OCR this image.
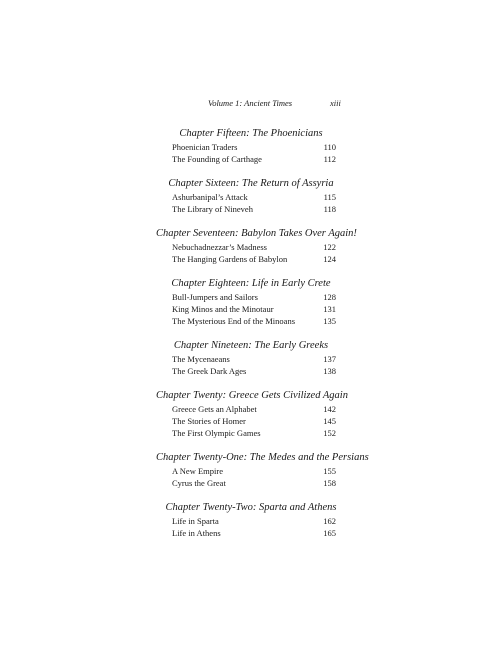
Volume 1: Ancient Times	xiii
Chapter Fifteen: The Phoenicians
Phoenician Traders	110
The Founding of Carthage	112
Chapter Sixteen: The Return of Assyria
Ashurbanipal’s Attack	115
The Library of Nineveh	118
Chapter Seventeen: Babylon Takes Over Again!
Nebuchadnezzar’s Madness	122
The Hanging Gardens of Babylon	124
Chapter Eighteen: Life in Early Crete
Bull-Jumpers and Sailors	128
King Minos and the Minotaur	131
The Mysterious End of the Minoans	135
Chapter Nineteen: The Early Greeks
The Mycenaeans	137
The Greek Dark Ages	138
Chapter Twenty: Greece Gets Civilized Again
Greece Gets an Alphabet	142
The Stories of Homer	145
The First Olympic Games	152
Chapter Twenty-One: The Medes and the Persians
A New Empire	155
Cyrus the Great	158
Chapter Twenty-Two: Sparta and Athens
Life in Sparta	162
Life in Athens	165
